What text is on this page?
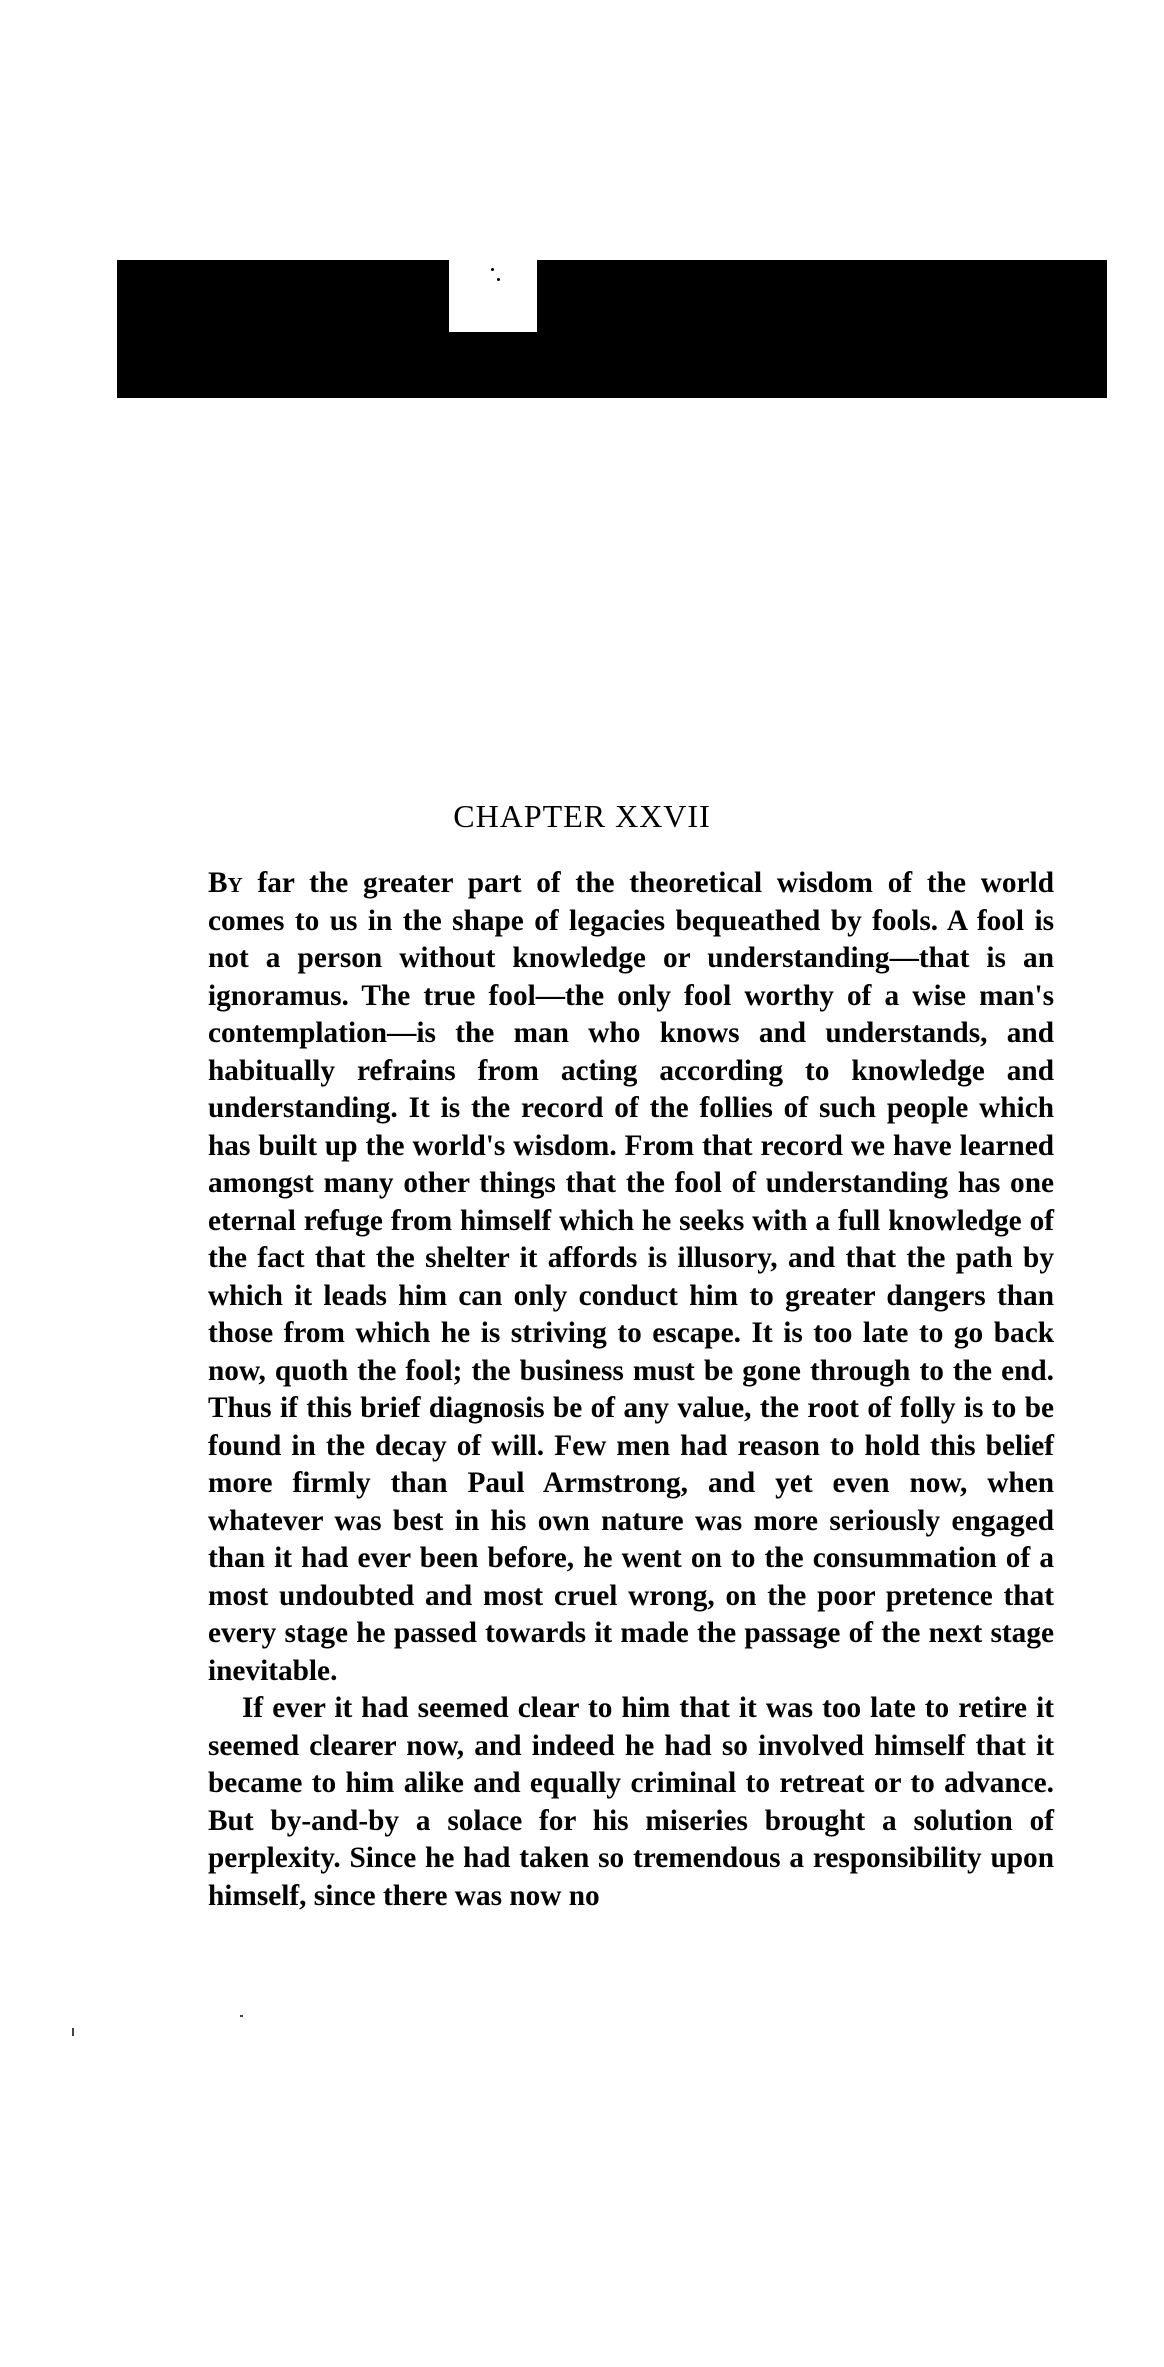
CHAPTER XXVII

By far the greater part of the theoretical wisdom of the world comes to us in the shape of legacies bequeathed by fools. A fool is not a person without knowledge or understanding—that is an ignoramus. The true fool—the only fool worthy of a wise man's contemplation—is the man who knows and understands, and habitually refrains from acting according to knowledge and understanding. It is the record of the follies of such people which has built up the world's wisdom. From that record we have learned amongst many other things that the fool of understanding has one eternal refuge from himself which he seeks with a full knowledge of the fact that the shelter it affords is illusory, and that the path by which it leads him can only conduct him to greater dangers than those from which he is striving to escape. It is too late to go back now, quoth the fool; the business must be gone through to the end. Thus if this brief diagnosis be of any value, the root of folly is to be found in the decay of will. Few men had reason to hold this belief more firmly than Paul Armstrong, and yet even now, when whatever was best in his own nature was more seriously engaged than it had ever been before, he went on to the consummation of a most undoubted and most cruel wrong, on the poor pretence that every stage he passed towards it made the passage of the next stage inevitable.

If ever it had seemed clear to him that it was too late to retire it seemed clearer now, and indeed he had so involved himself that it became to him alike and equally criminal to retreat or to advance. But by-and-by a solace for his miseries brought a solution of perplexity. Since he had taken so tremendous a responsibility upon himself, since there was now no
